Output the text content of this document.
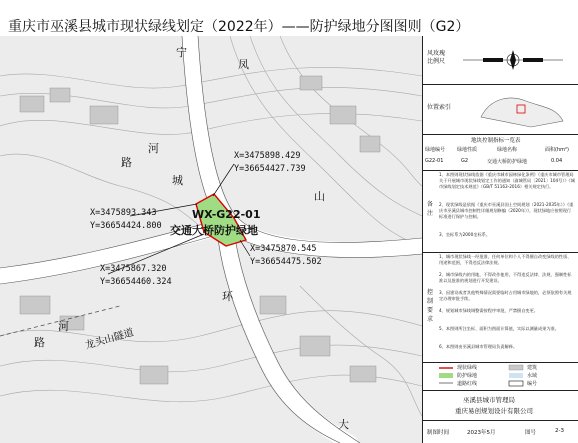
重庆市巫溪县城市现状绿线划定（2022年）——防护绿地分图图则（G2）
宁
凤
路
河
山
城
环
路
河
大
WX-G22-01
交通大桥防护绿地
龙头山隧道
X=3475898.429
Y=36654427.739
X=3475893.343
Y=36654424.800
X=3475870.545
Y=36654475.502
X=3475867.320
Y=36654460.324
风玫瑰比例尺
位置索引
地块控制指标一览表
绿地编号 绿地性质	绿地名称	面积(hm²)
G22-01	G2	交通大桥防护绿地	0.04
备注
1、本图则现状绿线依据《重庆市城市园林绿化条例》《重庆市城市管理局关于开展城市现状绿线划定工作的通知（渝城管局〔2021〕104号）》《城市绿线划定技术规范》（GB/T 51163-2016）相关规定执行。
2、现状绿线是依据《重庆市巫溪县国土空间规划（2021-2035年）》《重庆市巫溪县城市控制性详细规划修编（2020年）》，现状绿地应按照现行标准进行保护与控制。
3、坐标系为2000坐标系。
控制要求
1、城市现状绿线一经批准，任何单位和个人不得擅自改变绿线的性质、用途和范围，不得违反法律法规。
2、城市绿线内的用地，不得改作他用，不得违反法律、法规、强制性标准以及批准的规划进行开发建设。
3、因建设或者其他特殊情况需要临时占用城市绿地的，必须依照有关规定办理审批手续。
4、规划城市绿线调整需按程序审批，严禁擅自变更。
5、本图则所注坐标、面积为图面计算值，实际以测量成果为准。
6、本图则由巫溪县城市管理局负责解释。
现状绿线
防护绿地
道路红线
建筑
水域
编号
巫溪县城市管理局
重庆易创规划设计有限公司
制图时间	2023年5月	图号	2-3
